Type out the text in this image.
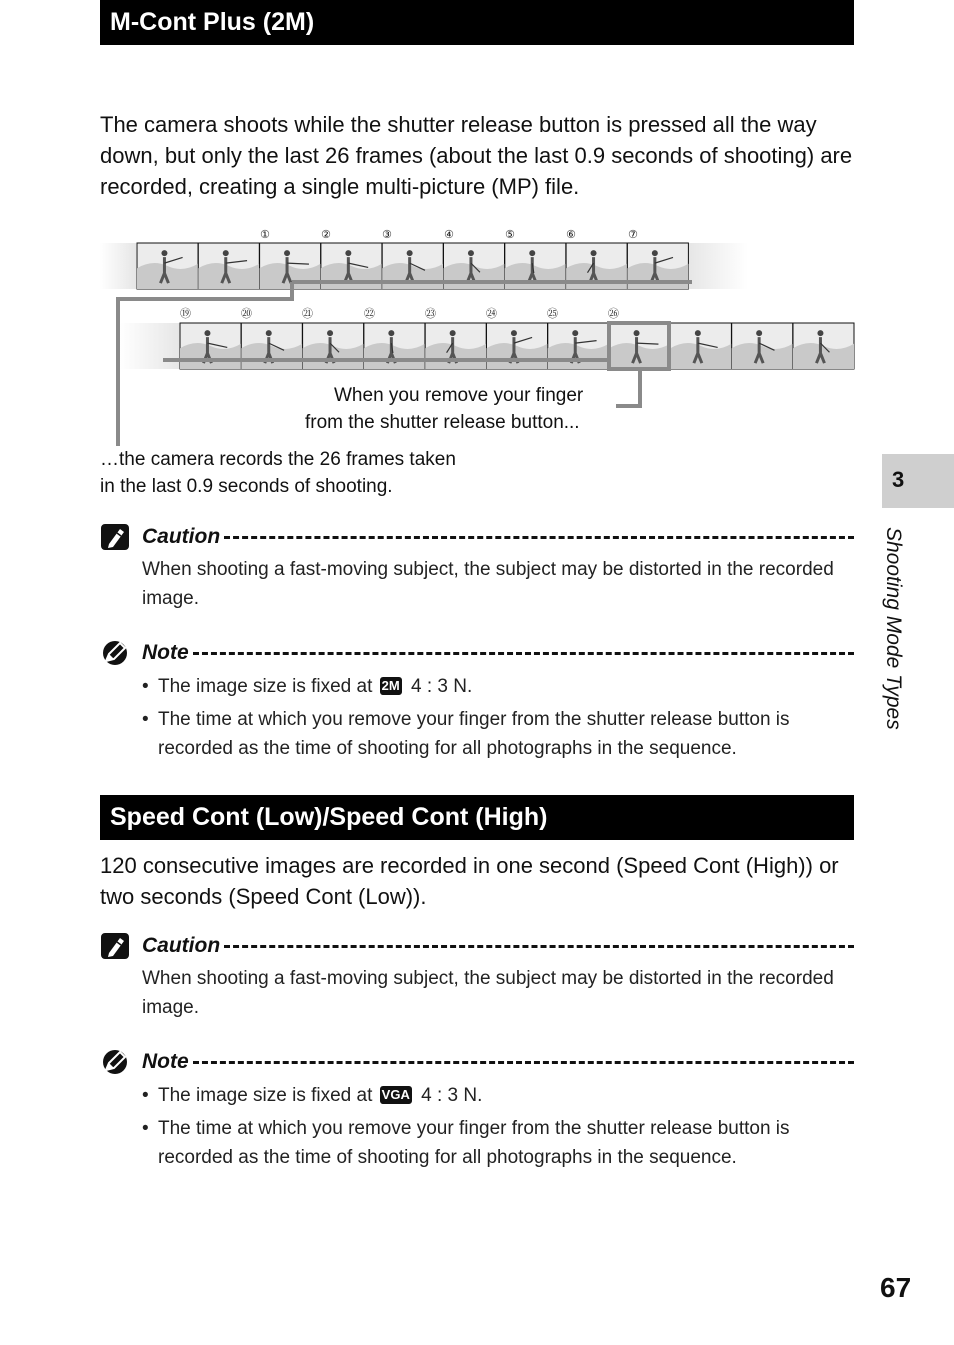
M-Cont Plus (2M)

The camera shoots while the shutter release button is pressed all the way down, but only the last 26 frames (about the last 0.9 seconds of shooting) are recorded, creating a single multi-picture (MP) file.

①	②	③	④	⑤	⑥	⑦
⑲	⑳	㉑	㉒	㉓	㉔	㉕	㉖
When you remove your finger
from the shutter release button...
…the camera records the 26 frames taken
in the last 0.9 seconds of shooting.
Caution

When shooting a fast-moving subject, the subject may be distorted in the recorded image.

Note
• The image size is fixed at 2M 4 : 3 N.
• The time at which you remove your finger from the shutter release button is recorded as the time of shooting for all photographs in the sequence.
Speed Cont (Low)/Speed Cont (High)

120 consecutive images are recorded in one second (Speed Cont (High)) or two seconds (Speed Cont (Low)).

Caution

When shooting a fast-moving subject, the subject may be distorted in the recorded image.

Note
• The image size is fixed at VGA 4 : 3 N.
• The time at which you remove your finger from the shutter release button is recorded as the time of shooting for all photographs in the sequence.
3
Shooting Mode Types
67
